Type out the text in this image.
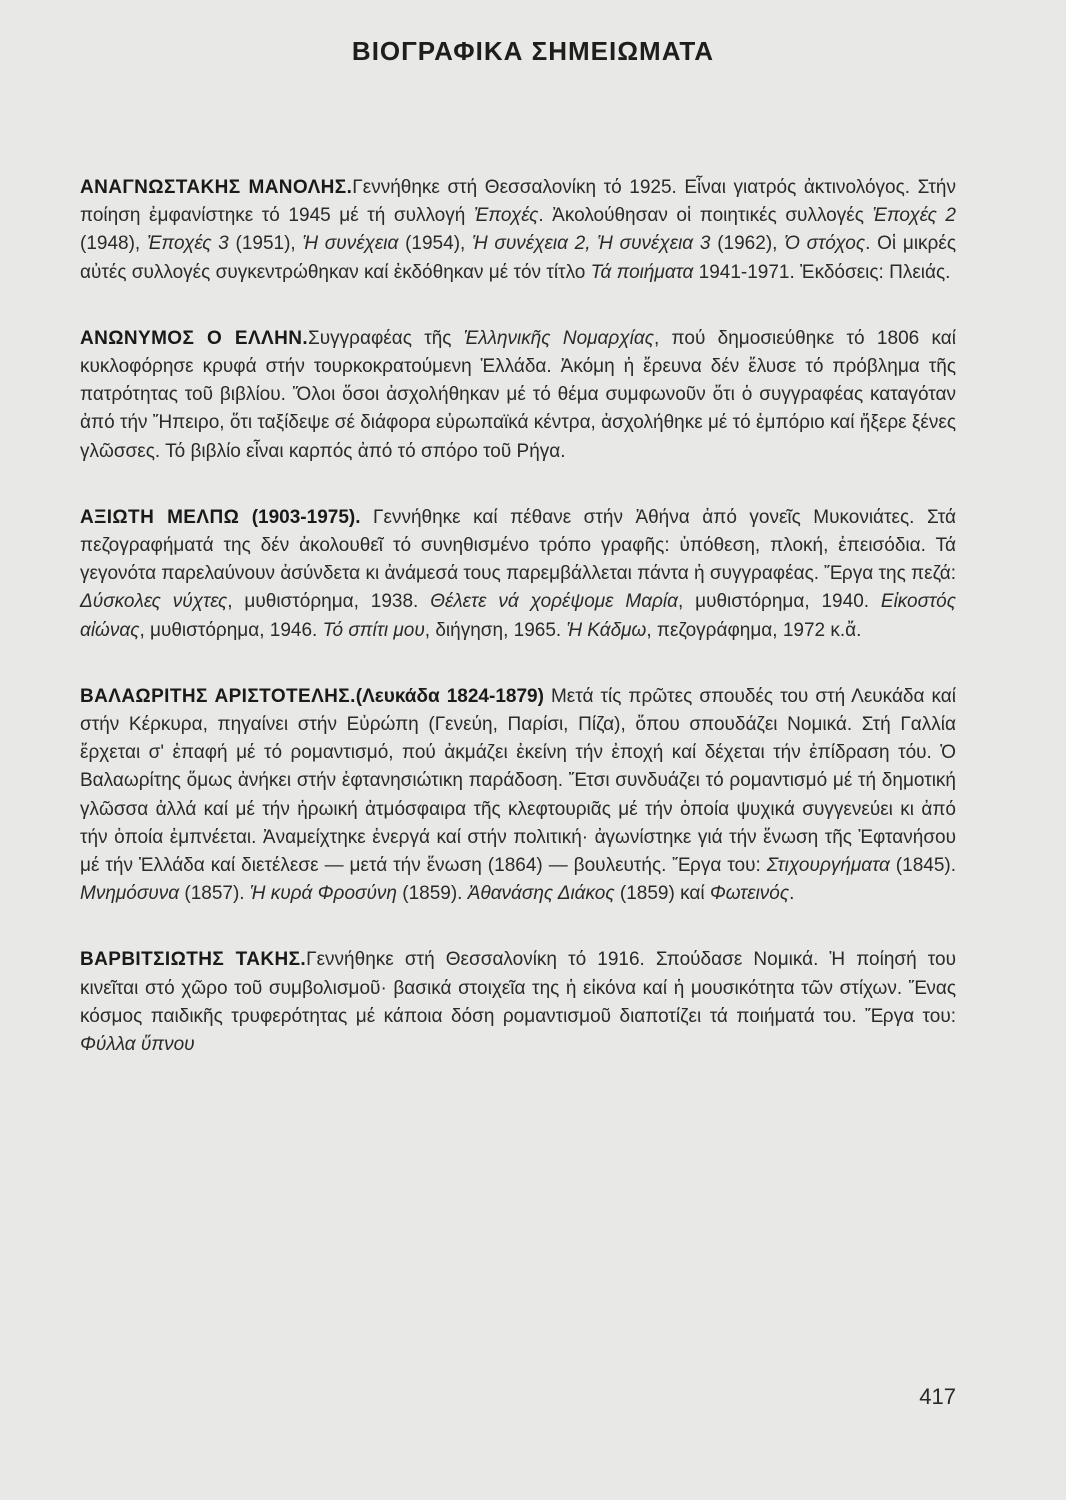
ΒΙΟΓΡΑΦΙΚΑ ΣΗΜΕΙΩΜΑΤΑ

ΑΝΑΓΝΩΣΤΑΚΗΣ ΜΑΝΟΛΗΣ.Γεννήθηκε στή Θεσσαλονίκη τό 1925. Εἶναι γιατρός ἀκτινολόγος. Στήν ποίηση ἐμφανίστηκε τό 1945 μέ τή συλλογή Ἐποχές. Ἀκολούθησαν οἱ ποιητικές συλλογές Ἐποχές 2 (1948), Ἐποχές 3 (1951), Ἡ συνέχεια (1954), Ἡ συνέχεια 2, Ἡ συνέχεια 3 (1962), Ὁ στόχος. Οἱ μικρές αὐτές συλλογές συγκεντρώθηκαν καί ἐκδόθηκαν μέ τόν τίτλο Τά ποιήματα 1941-1971. Ἐκδόσεις: Πλειάς.

ΑΝΩΝΥΜΟΣ Ο ΕΛΛΗΝ.Συγγραφέας τῆς Ἑλληνικῆς Νομαρχίας, πού δημοσιεύθηκε τό 1806 καί κυκλοφόρησε κρυφά στήν τουρκοκρατούμενη Ἑλλάδα. Ἀκόμη ἡ ἔρευνα δέν ἔλυσε τό πρόβλημα τῆς πατρότητας τοῦ βιβλίου. Ὅλοι ὅσοι ἀσχολήθηκαν μέ τό θέμα συμφωνοῦν ὅτι ὁ συγγραφέας καταγόταν ἀπό τήν Ἤπειρο, ὅτι ταξίδεψε σέ διάφορα εὐρωπαϊκά κέντρα, ἀσχολήθηκε μέ τό ἐμπόριο καί ἤξερε ξένες γλῶσσες. Τό βιβλίο εἶναι καρπός ἀπό τό σπόρο τοῦ Ρήγα.

ΑΞΙΩΤΗ ΜΕΛΠΩ (1903-1975). Γεννήθηκε καί πέθανε στήν Ἀθήνα ἀπό γονεῖς Μυκονιάτες. Στά πεζογραφήματά της δέν ἀκολουθεῖ τό συνηθισμένο τρόπο γραφῆς: ὑπόθεση, πλοκή, ἐπεισόδια. Τά γεγονότα παρελαύνουν ἀσύνδετα κι ἀνάμεσά τους παρεμβάλλεται πάντα ἡ συγγραφέας. Ἔργα της πεζά: Δύσκολες νύχτες, μυθιστόρημα, 1938. Θέλετε νά χορέψομε Μαρία, μυθιστόρημα, 1940. Εἰκοστός αἰώνας, μυθιστόρημα, 1946. Τό σπίτι μου, διήγηση, 1965. Ἡ Κάδμω, πεζογράφημα, 1972 κ.ἄ.

ΒΑΛΑΩΡΙΤΗΣ ΑΡΙΣΤΟΤΕΛΗΣ.(Λευκάδα 1824-1879) Μετά τίς πρῶτες σπουδές του στή Λευκάδα καί στήν Κέρκυρα, πηγαίνει στήν Εὐρώπη (Γενεύη, Παρίσι, Πίζα), ὅπου σπουδάζει Νομικά. Στή Γαλλία ἔρχεται σ' ἐπαφή μέ τό ρομαντισμό, πού ἀκμάζει ἐκείνη τήν ἐποχή καί δέχεται τήν ἐπίδραση τόυ. Ὁ Βαλαωρίτης ὅμως ἀνήκει στήν ἑφτανησιώτικη παράδοση. Ἔτσι συνδυάζει τό ρομαντισμό μέ τή δημοτική γλῶσσα ἀλλά καί μέ τήν ἡρωική ἀτμόσφαιρα τῆς κλεφτουριᾶς μέ τήν ὁποία ψυχικά συγγενεύει κι ἀπό τήν ὁποία ἐμπνέεται. Ἀναμείχτηκε ἐνεργά καί στήν πολιτική· ἀγωνίστηκε γιά τήν ἕνωση τῆς Ἑφτανήσου μέ τήν Ἑλλάδα καί διετέλεσε — μετά τήν ἕνωση (1864) — βουλευτής. Ἔργα του: Στιχουργήματα (1845). Μνημόσυνα (1857). Ἡ κυρά Φροσύνη (1859). Ἀθανάσης Διάκος (1859) καί Φωτεινός.

ΒΑΡΒΙΤΣΙΩΤΗΣ ΤΑΚΗΣ.Γεννήθηκε στή Θεσσαλονίκη τό 1916. Σπούδασε Νομικά. Ἡ ποίησή του κινεῖται στό χῶρο τοῦ συμβολισμοῦ· βασικά στοιχεῖα της ἡ εἰκόνα καί ἡ μουσικότητα τῶν στίχων. Ἕνας κόσμος παιδικῆς τρυφερότητας μέ κάποια δόση ρομαντισμοῦ διαποτίζει τά ποιήματά του. Ἔργα του: Φύλλα ὕπνου

417
